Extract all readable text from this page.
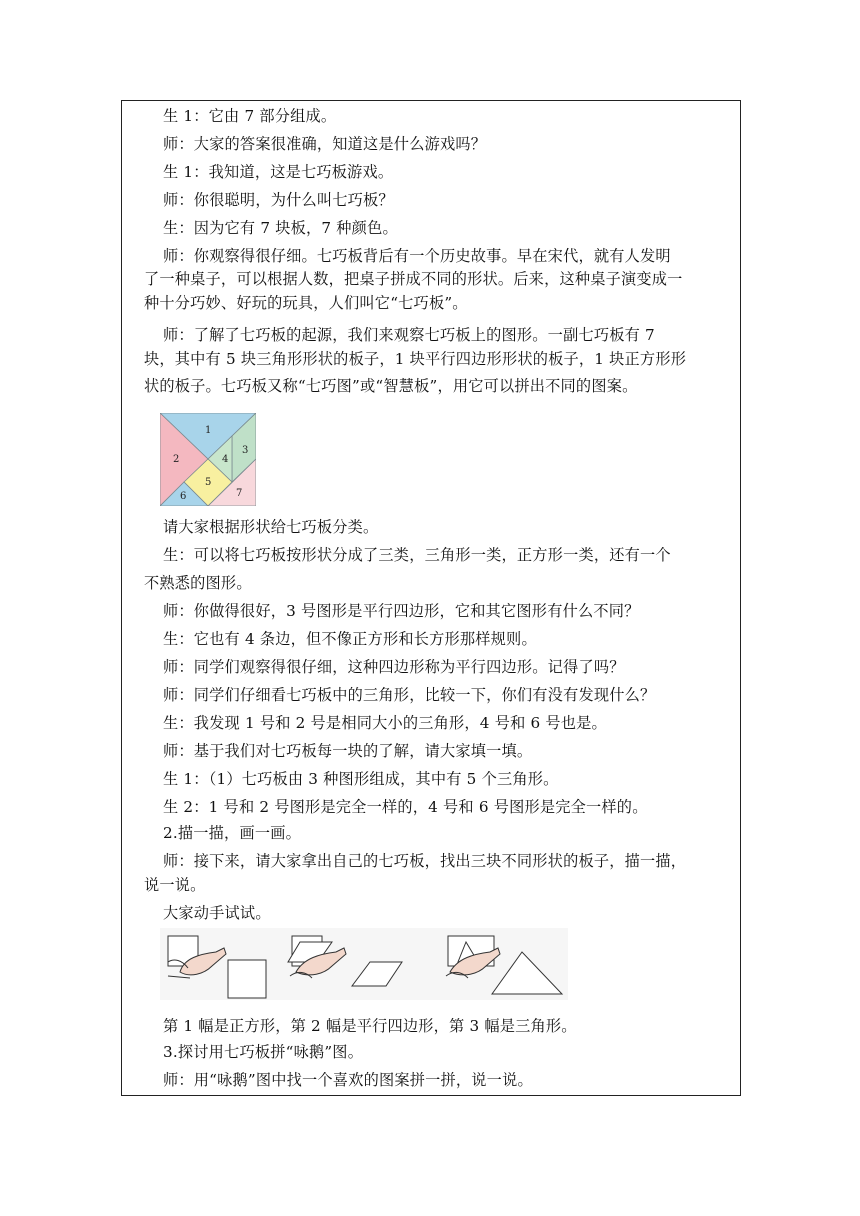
生 1：它由 7 部分组成。
师：大家的答案很准确，知道这是什么游戏吗？
生 1：我知道，这是七巧板游戏。
师：你很聪明，为什么叫七巧板？
生：因为它有 7 块板，7 种颜色。
师：你观察得很仔细。七巧板背后有一个历史故事。早在宋代，就有人发明
了一种桌子，可以根据人数，把桌子拼成不同的形状。后来，这种桌子演变成一
种十分巧妙、好玩的玩具，人们叫它“七巧板”。
师：了解了七巧板的起源，我们来观察七巧板上的图形。一副七巧板有 7
块，其中有 5 块三角形形状的板子，1 块平行四边形形状的板子，1 块正方形形
状的板子。七巧板又称“七巧图”或“智慧板”，用它可以拼出不同的图案。
1
2
3
4
5
6	7
请大家根据形状给七巧板分类。
生：可以将七巧板按形状分成了三类，三角形一类，正方形一类，还有一个
不熟悉的图形。
师：你做得很好，3 号图形是平行四边形，它和其它图形有什么不同？
生：它也有 4 条边，但不像正方形和长方形那样规则。
师：同学们观察得很仔细，这种四边形称为平行四边形。记得了吗？
师：同学们仔细看七巧板中的三角形，比较一下，你们有没有发现什么？
生：我发现 1 号和 2 号是相同大小的三角形，4 号和 6 号也是。
师：基于我们对七巧板每一块的了解，请大家填一填。
生 1：（1）七巧板由 3 种图形组成，其中有 5 个三角形。
生 2：1 号和 2 号图形是完全一样的，4 号和 6 号图形是完全一样的。
2.描一描，画一画。
师：接下来，请大家拿出自己的七巧板，找出三块不同形状的板子，描一描，
说一说。
大家动手试试。
第 1 幅是正方形，第 2 幅是平行四边形，第 3 幅是三角形。
3.探讨用七巧板拼“咏鹅”图。
师：用“咏鹅”图中找一个喜欢的图案拼一拼，说一说。
